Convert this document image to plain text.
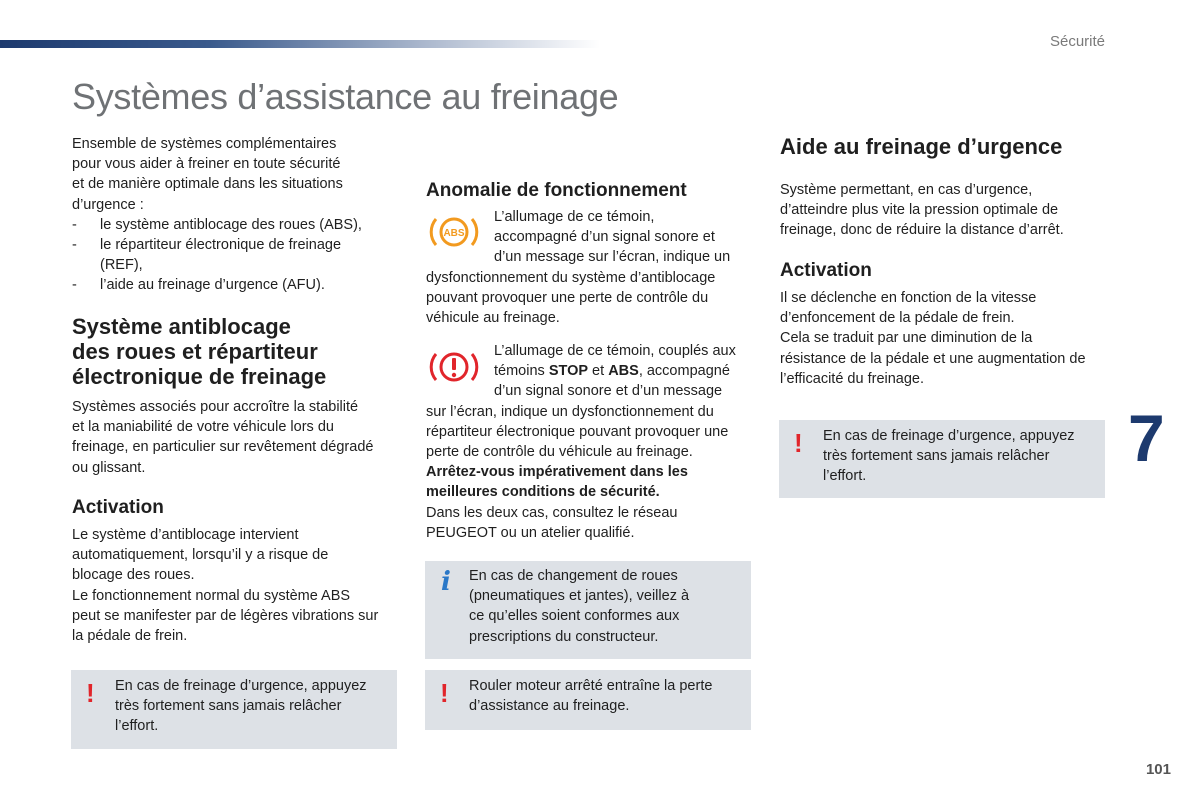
Sécurité
Systèmes d’assistance au freinage

Ensemble de systèmes complémentaires

pour vous aider à freiner en toute sécurité

et de manière optimale dans les situations

d’urgence :

- le système antiblocage des roues (ABS),
- le répartiteur électronique de freinage (REF),
- l’aide au freinage d’urgence (AFU).
Système antiblocage
des roues et répartiteur
électronique de freinage

Systèmes associés pour accroître la stabilité

et la maniabilité de votre véhicule lors du

freinage, en particulier sur revêtement dégradé

ou glissant.

Activation

Le système d’antiblocage intervient

automatiquement, lorsqu’il y a risque de

blocage des roues.

Le fonctionnement normal du système ABS

peut se manifester par de légères vibrations sur

la pédale de frein.

! En cas de freinage d’urgence, appuyez

très fortement sans jamais relâcher

l’effort.

Anomalie de fonctionnement
ABS

L’allumage de ce témoin,

accompagné d’un signal sonore et

d’un message sur l’écran, indique un

dysfonctionnement du système d’antiblocage

pouvant provoquer une perte de contrôle du

véhicule au freinage.

L’allumage de ce témoin, couplés aux

témoins STOP et ABS, accompagné

d’un signal sonore et d’un message

sur l’écran, indique un dysfonctionnement du

répartiteur électronique pouvant provoquer une

perte de contrôle du véhicule au freinage.

Arrêtez-vous impérativement dans les

meilleures conditions de sécurité.

Dans les deux cas, consultez le réseau

PEUGEOT ou un atelier qualifié.

i En cas de changement de roues

(pneumatiques et jantes), veillez à

ce qu’elles soient conformes aux

prescriptions du constructeur.

! Rouler moteur arrêté entraîne la perte

d’assistance au freinage.

Aide au freinage d’urgence

Système permettant, en cas d’urgence,

d’atteindre plus vite la pression optimale de

freinage, donc de réduire la distance d’arrêt.

Activation

Il se déclenche en fonction de la vitesse

d’enfoncement de la pédale de frein.

Cela se traduit par une diminution de la

résistance de la pédale et une augmentation de

l’efficacité du freinage.

! En cas de freinage d’urgence, appuyez

très fortement sans jamais relâcher

l’effort.

7
101
